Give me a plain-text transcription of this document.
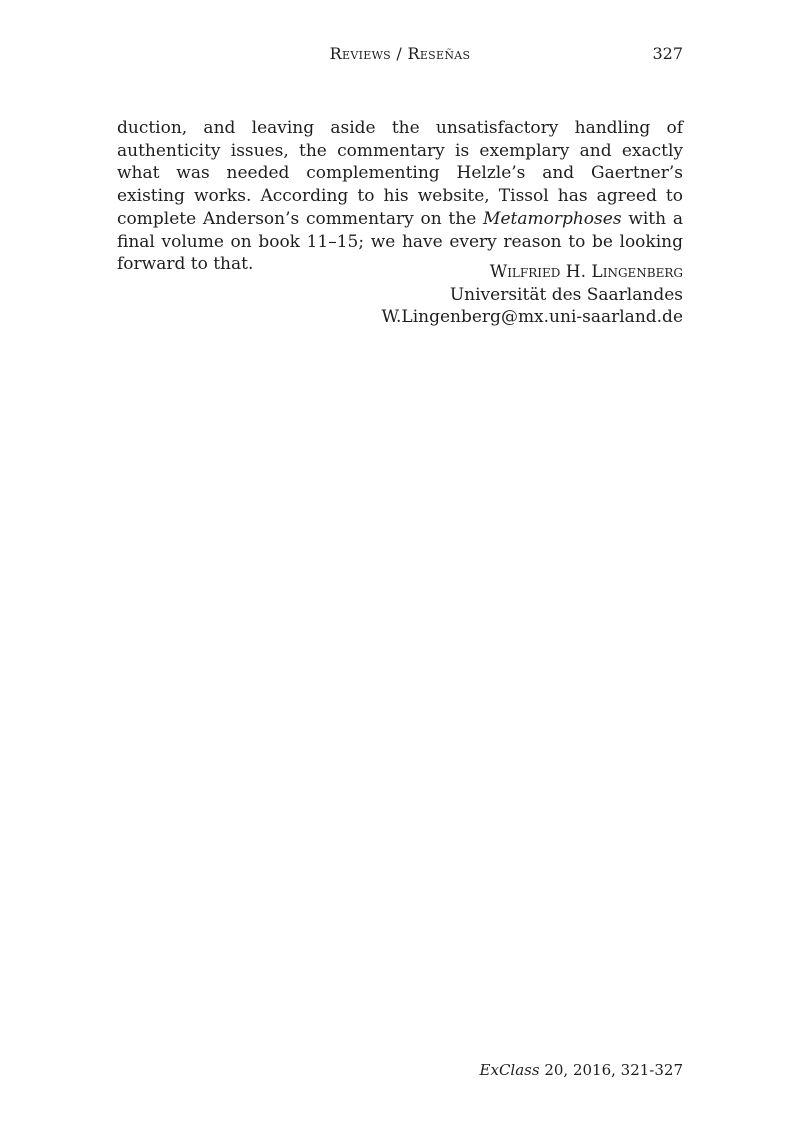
Reviews / Reseñas	327

duction, and leaving aside the unsatisfactory handling of authenticity issues, the commentary is exemplary and exactly what was needed complementing Helzle’s and Gaertner’s existing works. According to his website, Tissol has agreed to complete Anderson’s commentary on the Metamorphoses with a final volume on book 11–15; we have every reason to be looking forward to that.	Wilfried H. Lingenberg
Universität des Saarlandes
W.Lingenberg@mx.uni-saarland.de
ExClass 20, 2016, 321-327
